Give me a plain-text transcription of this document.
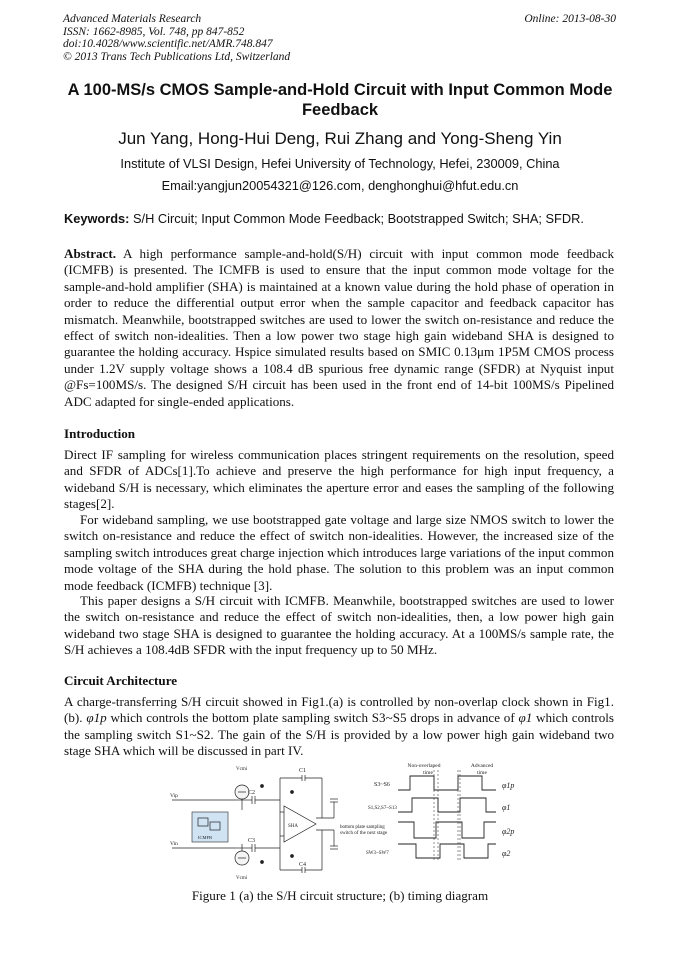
Advanced Materials Research
ISSN: 1662-8985, Vol. 748, pp 847-852
doi:10.4028/www.scientific.net/AMR.748.847
© 2013 Trans Tech Publications Ltd, Switzerland
Online: 2013-08-30
A 100-MS/s CMOS Sample-and-Hold Circuit with Input Common Mode Feedback
Jun Yang, Hong-Hui Deng, Rui Zhang and Yong-Sheng Yin
Institute of VLSI Design, Hefei University of Technology, Hefei, 230009, China
Email:yangjun20054321@126.com, denghonghui@hfut.edu.cn
Keywords: S/H Circuit; Input Common Mode Feedback; Bootstrapped Switch; SHA; SFDR.
Abstract. A high performance sample-and-hold(S/H) circuit with input common mode feedback (ICMFB) is presented. The ICMFB is used to ensure that the input common mode voltage for the sample-and-hold amplifier (SHA) is maintained at a known value during the hold phase of operation in order to reduce the differential output error when the sample capacitor and feedback capacitor has mismatch. Meanwhile, bootstrapped switches are used to lower the switch on-resistance and reduce the effect of switch non-idealities. Then a low power two stage high gain wideband SHA is designed to guarantee the holding accuracy. Hspice simulated results based on SMIC 0.13μm 1P5M CMOS process under 1.2V supply voltage shows a 108.4 dB spurious free dynamic range (SFDR) at Nyquist input @Fs=100MS/s. The designed S/H circuit has been used in the front end of 14-bit 100MS/s Pipelined ADC adapted for single-ended applications.
Introduction
Direct IF sampling for wireless communication places stringent requirements on the resolution, speed and SFDR of ADCs[1].To achieve and preserve the high performance for high input frequency, a wideband S/H is necessary, which eliminates the aperture error and eases the sampling of the following stages[2].
For wideband sampling, we use bootstrapped gate voltage and large size NMOS switch to lower the switch on-resistance and reduce the effect of switch non-idealities. However, the increased size of the sampling switch introduces great charge injection which introduces large variations of the input common mode voltage of the SHA during the hold phase. The solution to this problem was an input common mode feedback (ICMFB) technique [3].
This paper designs a S/H circuit with ICMFB. Meanwhile, bootstrapped switches are used to lower the switch on-resistance and reduce the effect of switch non-idealities, then, a low power high gain wideband two stage SHA is designed to guarantee the holding accuracy. At a 100MS/s sample rate, the S/H achieves a 108.4dB SFDR with the input frequency up to 50 MHz.
Circuit Architecture
A charge-transferring S/H circuit showed in Fig1.(a) is controlled by non-overlap clock shown in Fig1.(b). φ1p which controls the bottom plate sampling switch S3~S5 drops in advance of φ1 which controls the sampling switch S1~S2. The gain of the S/H is provided by a low power high gain wideband two stage SHA which will be discussed in part IV.
Vcmi
Vcmi
C1
C2
C3
C4
Vip
Vin
SHA
ICMFB
Non-overlaped
time
Advanced
time
S3~S6
S1,S2,S7~S13
bottom plate sampling
switch of the next stage
SW3~SW7
φ1p
φ1
φ2p
φ2
Figure 1 (a) the S/H circuit structure; (b) timing diagram
